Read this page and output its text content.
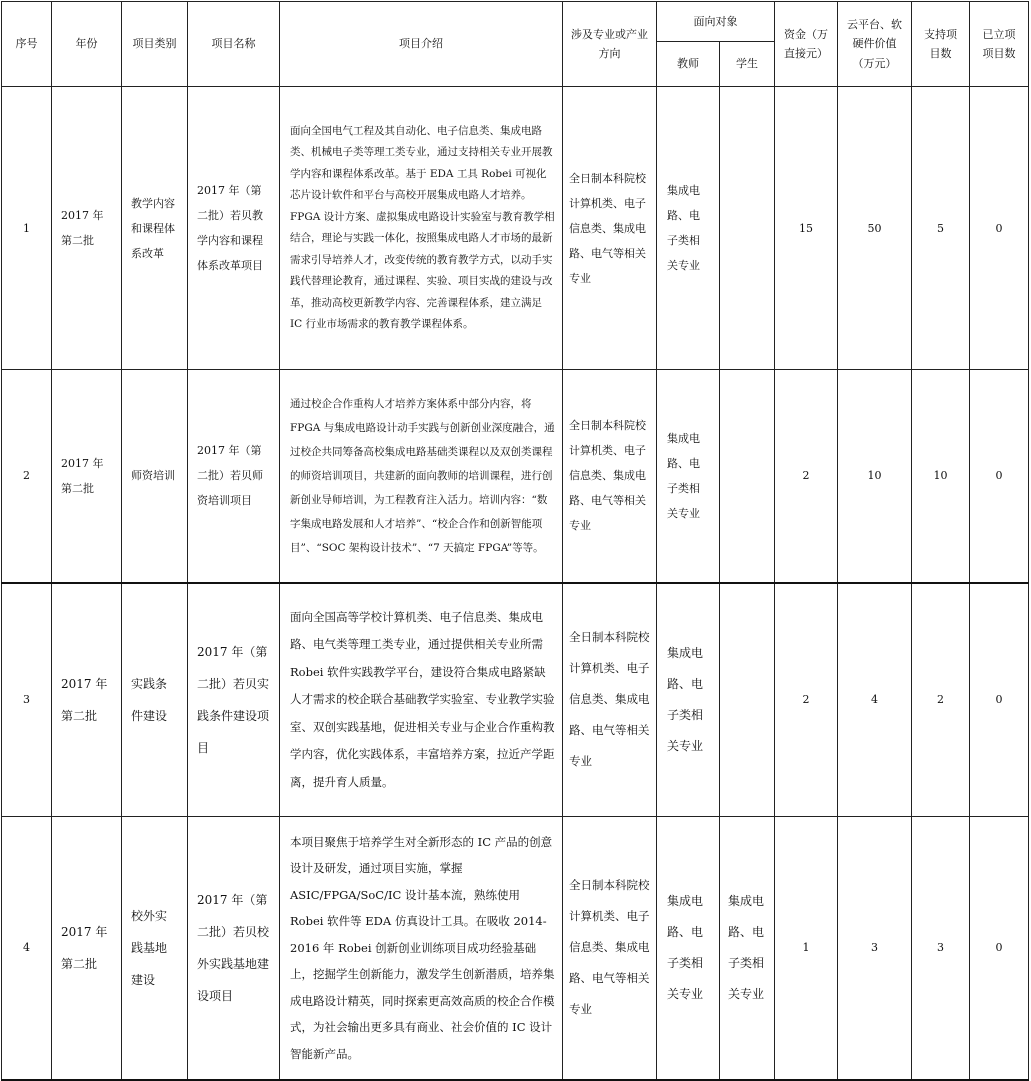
序号	年份	项目类别	项目名称	项目介绍	涉及专业或产业方向	面向对象		资金（万直接元）	云平台、软硬件价值（万元）	支持项目数	已立项项目数
						教师	学生				
1	2017 年第二批	教学内容和课程体系改革	2017 年（第二批）若贝教学内容和课程体系改革项目	面向全国电气工程及其自动化、电子信息类、集成电路类、机械电子类等理工类专业，通过支持相关专业开展教学内容和课程体系改革。基于 EDA 工具 Robei 可视化芯片设计软件和平台与高校开展集成电路人才培养。FPGA 设计方案、虚拟集成电路设计实验室与教育教学相结合，理论与实践一体化，按照集成电路人才市场的最新需求引导培养人才，改变传统的教育教学方式，以动手实践代替理论教育，通过课程、实验、项目实战的建设与改革，推动高校更新教学内容、完善课程体系，建立满足 IC 行业市场需求的教育教学课程体系。	全日制本科院校计算机类、电子信息类、集成电路、电气等相关专业	集成电路、电子类相关专业		15	50	5	0
2	2017 年第二批	师资培训	2017 年（第二批）若贝师资培训项目	通过校企合作重构人才培养方案体系中部分内容，将 FPGA 与集成电路设计动手实践与创新创业深度融合，通过校企共同筹备高校集成电路基础类课程以及双创类课程的师资培训项目，共建新的面向教师的培训课程，进行创新创业导师培训，为工程教育注入活力。培训内容：“数字集成电路发展和人才培养”、“校企合作和创新智能项目”、“SOC 架构设计技术”、“7 天搞定 FPGA”等等。	全日制本科院校计算机类、电子信息类、集成电路、电气等相关专业	集成电路、电子类相关专业		2	10	10	0
3	2017 年第二批	实践条件建设	2017 年（第二批）若贝实践条件建设项目	面向全国高等学校计算机类、电子信息类、集成电路、电气类等理工类专业，通过提供相关专业所需 Robei 软件实践教学平台，建设符合集成电路紧缺人才需求的校企联合基础教学实验室、专业教学实验室、双创实践基地，促进相关专业与企业合作重构教学内容，优化实践体系，丰富培养方案，拉近产学距离，提升育人质量。	全日制本科院校计算机类、电子信息类、集成电路、电气等相关专业	集成电路、电子类相关专业		2	4	2	0
4	2017 年第二批	校外实践基地建设	2017 年（第二批）若贝校外实践基地建设项目	本项目聚焦于培养学生对全新形态的 IC 产品的创意设计及研发，通过项目实施，掌握 ASIC/FPGA/SoC/IC 设计基本流，熟练使用 Robei 软件等 EDA 仿真设计工具。在吸收 2014-2016 年 Robei 创新创业训练项目成功经验基础上，挖掘学生创新能力，激发学生创新潜质，培养集成电路设计精英，同时探索更高效高质的校企合作模式，为社会输出更多具有商业、社会价值的 IC 设计智能新产品。	全日制本科院校计算机类、电子信息类、集成电路、电气等相关专业	集成电路、电子类相关专业	集成电路、电子类相关专业	1	3	3	0
